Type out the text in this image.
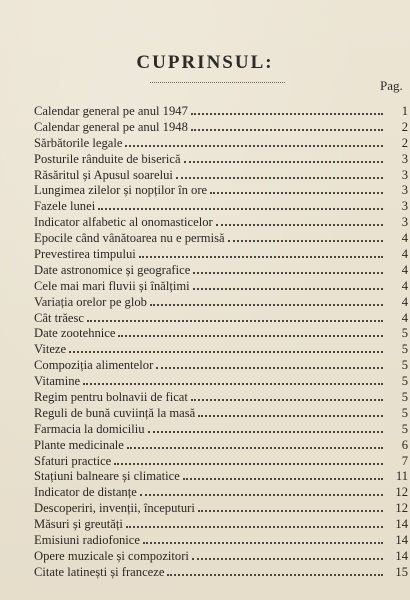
CUPRINSUL:
Pag.
Calendar general pe anul 1947	1
Calendar general pe anul 1948	2
Sărbătorile legale	2
Posturile rânduite de biserică	3
Răsăritul și Apusul soarelui	3
Lungimea zilelor și nopților în ore	3
Fazele lunei	3
Indicator alfabetic al onomasticelor	3
Epocile când vânătoarea nu e permisă	4
Prevestirea timpului	4
Date astronomice și geografice	4
Cele mai mari fluvii și înălțimi	4
Variația orelor pe glob	4
Cât trăesc	4
Date zootehnice	5
Viteze	5
Compoziția alimentelor	5
Vitamine	5
Regim pentru bolnavii de ficat	5
Reguli de bună cuviință la masă	5
Farmacia la domiciliu	5
Plante medicinale	6
Sfaturi practice	7
Stațiuni balneare și climatice	11
Indicator de distanțe	12
Descoperiri, invenții, începuturi	12
Măsuri și greutăți	14
Emisiuni radiofonice	14
Opere muzicale și compozitori	14
Citate latinești și franceze	15
